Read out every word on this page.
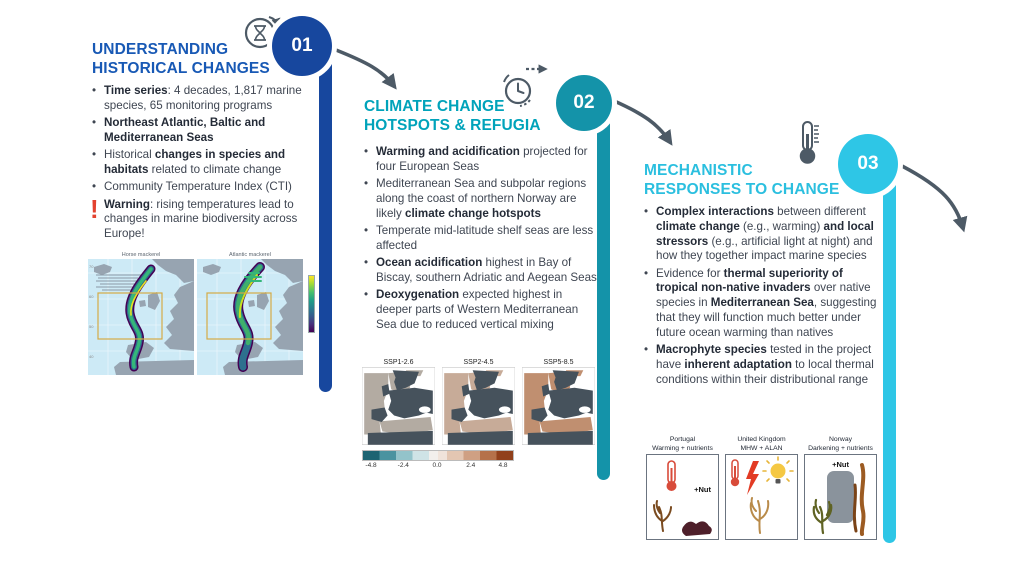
01
UNDERSTANDING
HISTORICAL CHANGES
• Time series: 4 decades, 1,817 marine species, 65 monitoring programs
• Northeast Atlantic, Baltic and Mediterranean Seas
• Historical changes in species and habitats related to climate change
• Community Temperature Index (CTI)
! Warning: rising temperatures lead to changes in marine biodiversity across Europe!
Horse mackerel
70
60
50
40
Atlantic mackerel
02
CLIMATE CHANGE
HOTSPOTS & REFUGIA
• Warming and acidification projected for four European Seas
• Mediterranean Sea and subpolar regions along the coast of northern Norway are likely climate change hotspots
• Temperate mid-latitude shelf seas are less affected
• Ocean acidification highest in Bay of Biscay, southern Adriatic and Aegean Seas
• Deoxygenation expected highest in deeper parts of Western Mediterranean Sea due to reduced vertical mixing
SSP1-2.6	SSP2-4.5	SSP5-8.5
-4.8	-2.4	0.0	2.4	4.8
03
MECHANISTIC
RESPONSES TO CHANGE
• Complex interactions between different climate change (e.g., warming) and local stressors (e.g., artificial light at night) and how they together impact marine species
• Evidence for thermal superiority of tropical non-native invaders over native species in Mediterranean Sea, suggesting that they will function much better under future ocean warming than natives
• Macrophyte species tested in the project have inherent adaptation to local thermal conditions within their distributional range
Portugal
Warming + nutrients
+Nut
United Kingdom
MHW + ALAN
Norway
Darkening + nutrients
+Nut
